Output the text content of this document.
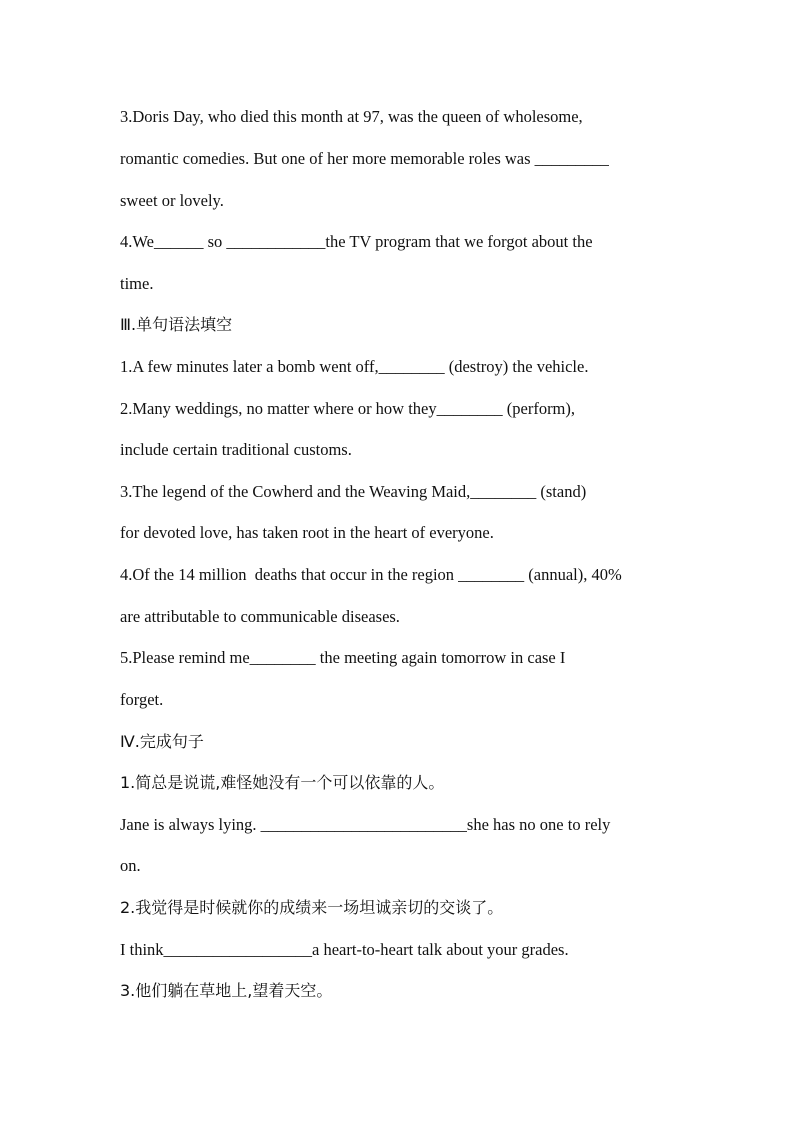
3.Doris Day, who died this month at 97, was the queen of wholesome,
romantic comedies. But one of her more memorable roles was _________
sweet or lovely.
4.We______ so ____________the TV program that we forgot about the
time.
Ⅲ.单句语法填空
1.A few minutes later a bomb went off,________ (destroy) the vehicle.
2.Many weddings, no matter where or how they________ (perform),
include certain traditional customs.
3.The legend of the Cowherd and the Weaving Maid,________ (stand)
for devoted love, has taken root in the heart of everyone.
4.Of the 14 million  deaths that occur in the region ________ (annual), 40%
are attributable to communicable diseases.
5.Please remind me________ the meeting again tomorrow in case I
forget.
Ⅳ.完成句子
1.简总是说谎,难怪她没有一个可以依靠的人。
Jane is always lying. _________________________she has no one to rely
on.
2.我觉得是时候就你的成绩来一场坦诚亲切的交谈了。
I think__________________a heart-to-heart talk about your grades.
3.他们躺在草地上,望着天空。
